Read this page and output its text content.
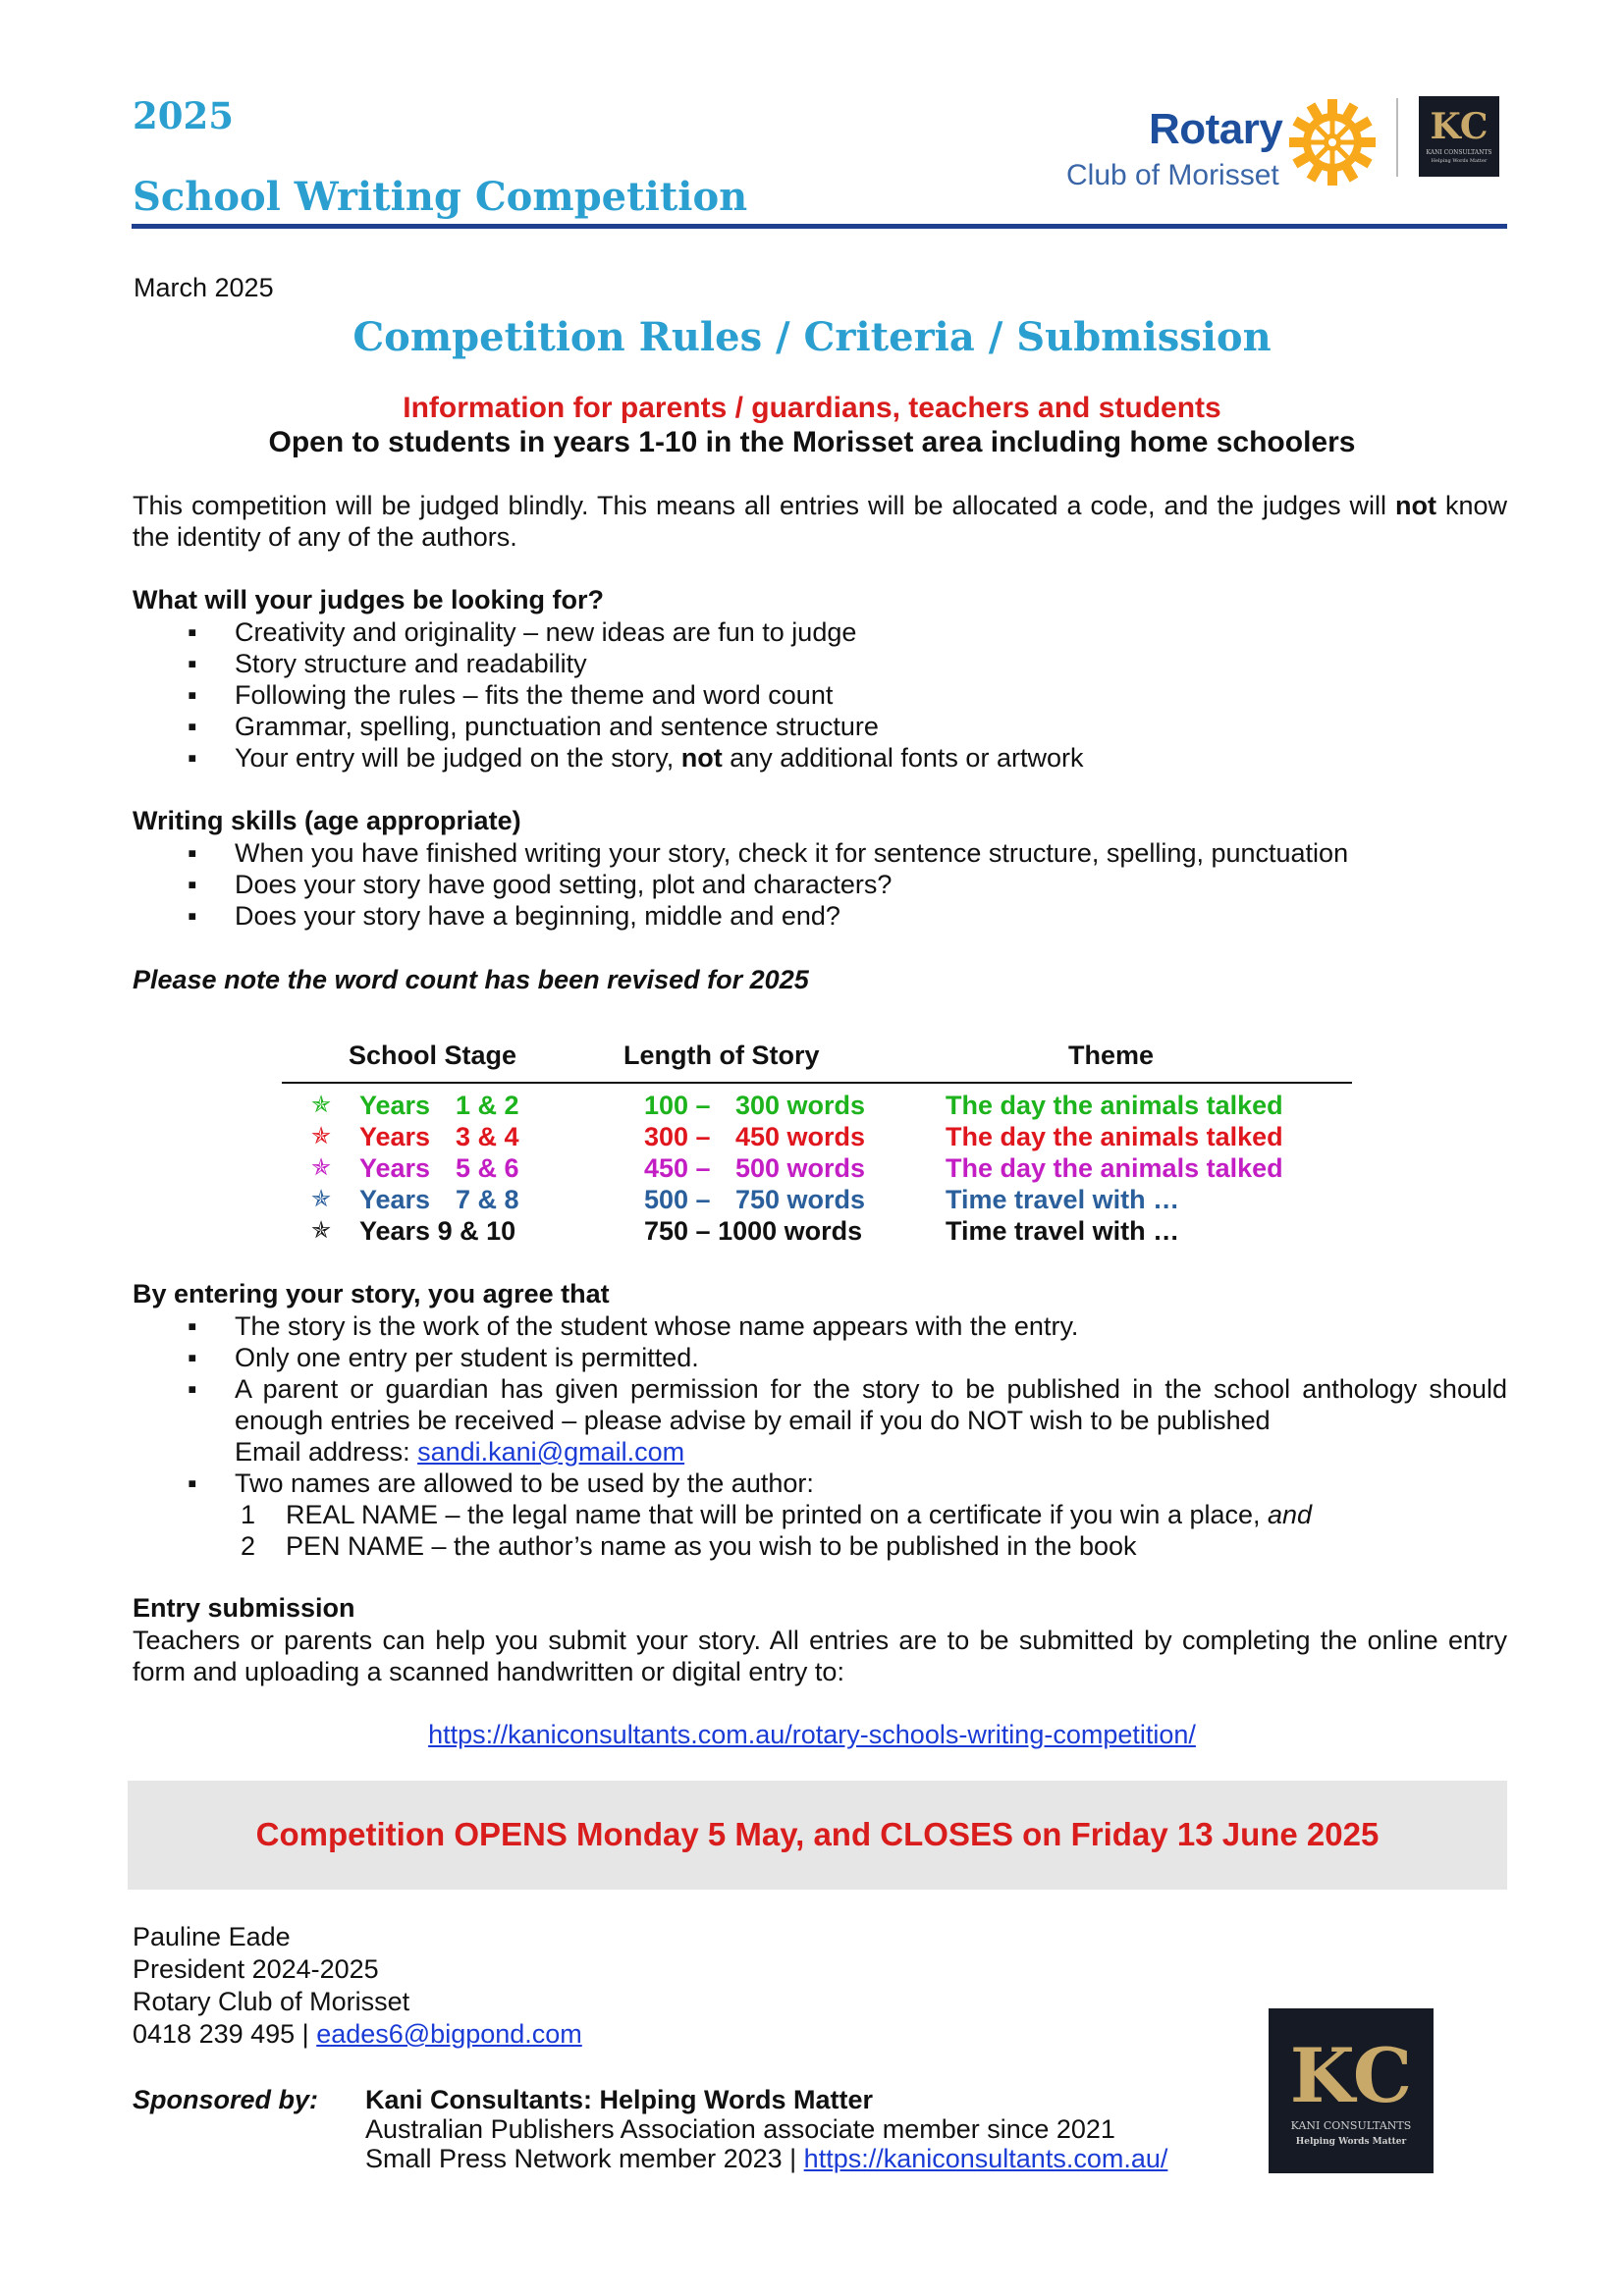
2025
School Writing Competition
Rotary
Club of Morisset
KC
KANI CONSULTANTS
Helping Words Matter
March 2025
Competition Rules / Criteria / Submission
Information for parents / guardians, teachers and students
Open to students in years 1-10 in the Morisset area including home schoolers
This competition will be judged blindly. This means all entries will be allocated a code, and the judges will not know the identity of any of the authors.
What will your judges be looking for?
▪ Creativity and originality – new ideas are fun to judge
▪ Story structure and readability
▪ Following the rules – fits the theme and word count
▪ Grammar, spelling, punctuation and sentence structure
▪ Your entry will be judged on the story, not any additional fonts or artwork
Writing skills (age appropriate)
▪ When you have finished writing your story, check it for sentence structure, spelling, punctuation
▪ Does your story have good setting, plot and characters?
▪ Does your story have a beginning, middle and end?
Please note the word count has been revised for 2025
School Stage	Length of Story	Theme
✯ Years 1 & 2	100 – 300 words	The day the animals talked
✯ Years 3 & 4	300 – 450 words	The day the animals talked
✯ Years 5 & 6	450 – 500 words	The day the animals talked
✯ Years 7 & 8	500 – 750 words	Time travel with …
✯ Years 9 & 10	750 – 1000 words	Time travel with …
By entering your story, you agree that
▪ The story is the work of the student whose name appears with the entry.
▪ Only one entry per student is permitted.
▪ A parent or guardian has given permission for the story to be published in the school anthology should enough entries be received – please advise by email if you do NOT wish to be published
Email address: sandi.kani@gmail.com
▪ Two names are allowed to be used by the author:
1 REAL NAME – the legal name that will be printed on a certificate if you win a place, and
2 PEN NAME – the author’s name as you wish to be published in the book
Entry submission
Teachers or parents can help you submit your story. All entries are to be submitted by completing the online entry form and uploading a scanned handwritten or digital entry to:
https://kaniconsultants.com.au/rotary-schools-writing-competition/
Competition OPENS Monday 5 May, and CLOSES on Friday 13 June 2025
Pauline Eade
President 2024-2025
Rotary Club of Morisset
0418 239 495 | eades6@bigpond.com
Sponsored by: Kani Consultants: Helping Words Matter
Australian Publishers Association associate member since 2021
Small Press Network member 2023 | https://kaniconsultants.com.au/
KC
KANI CONSULTANTS
Helping Words Matter
